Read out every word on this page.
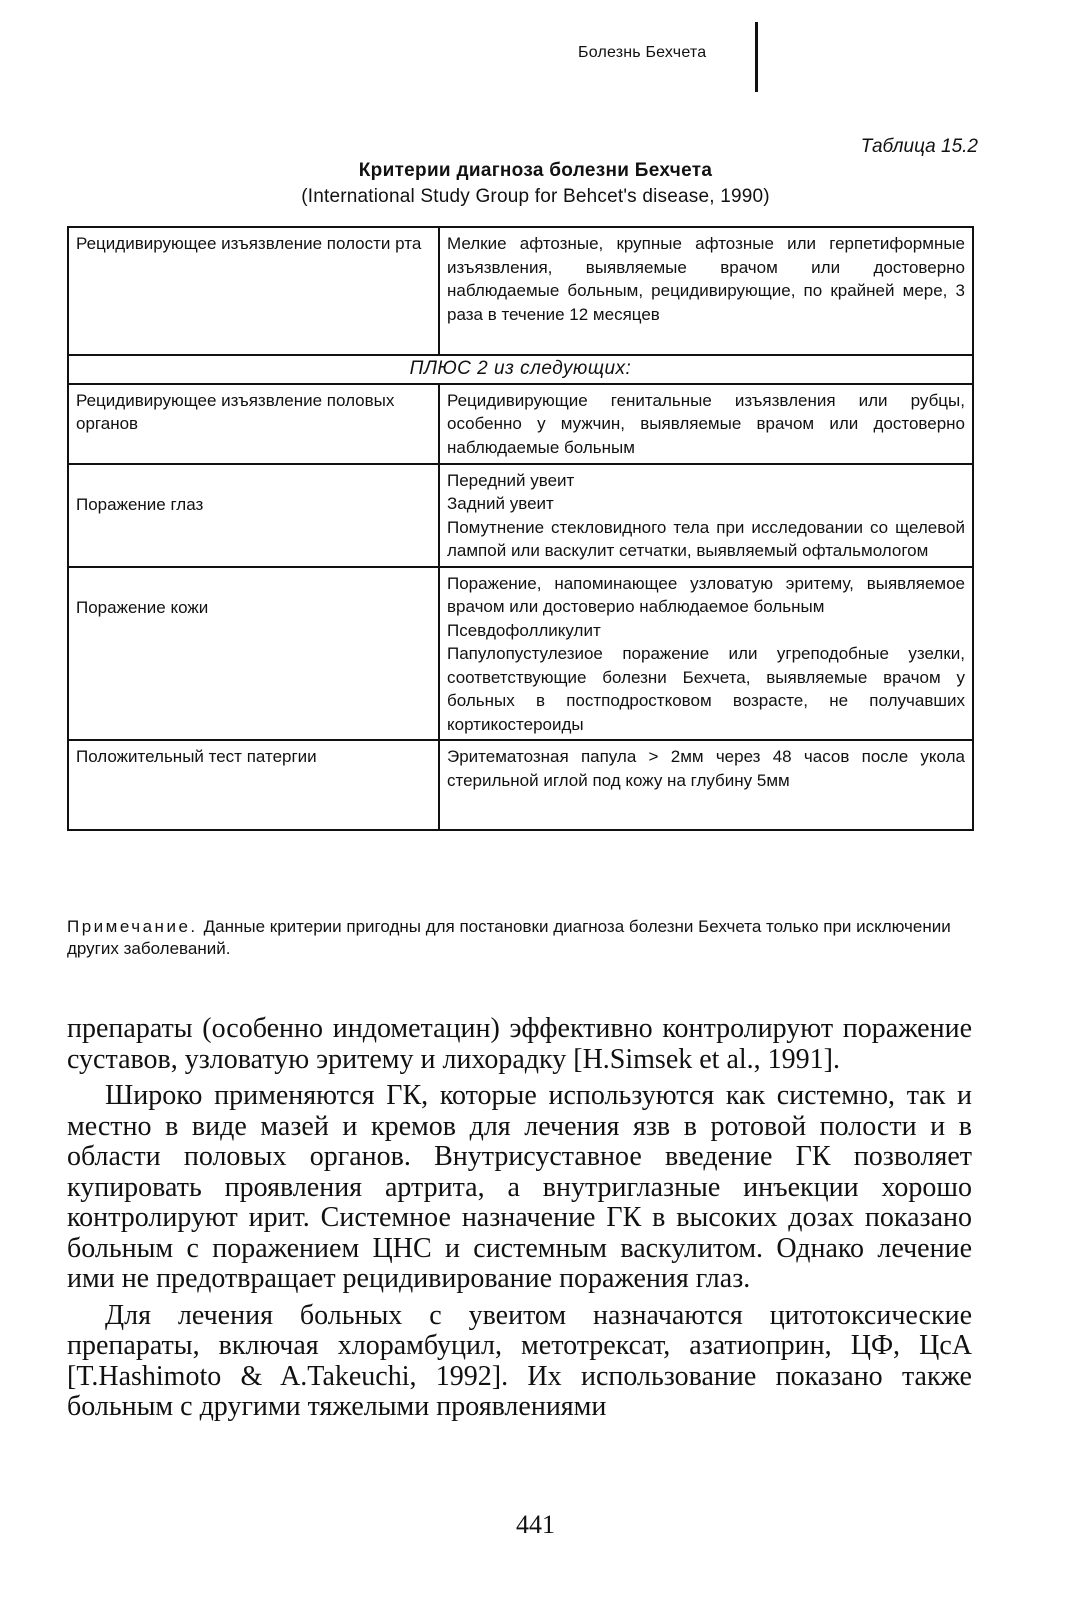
Болезнь Бехчета
Таблица 15.2
Критерии диагноза болезни Бехчета
(International Study Group for Behcet's disease, 1990)
Рецидивирующее изъязвление полости рта	Мелкие афтозные, крупные афтозные или герпетиформные изъязвления, выявляемые врачом или достоверно наблюдаемые больным, рецидивирующие, по крайней мере, 3 раза в течение 12 месяцев
ПЛЮС 2 из следующих:	
Рецидивирующее изъязвление половых органов	Рецидивирующие генитальные изъязвления или рубцы, особенно у мужчин, выявляемые врачом или достоверно наблюдаемые больным
Поражение глаз	Передний увеит
Задний увеит
Помутнение стекловидного тела при исследовании со щелевой лампой или васкулит сетчатки, выявляемый офтальмологом

Поражение кожи	Поражение, напоминающее узловатую эритему, выявляемое врачом или достоверио наблюдаемое больным
Псевдофолликулит
Папулопустулезиое поражение или угреподобные узелки, соответствующие болезни Бехчета, выявляемые врачом у больных в постподростковом возрасте, не получавших кортикостероиды

Положительный тест патергии	Эритематозная папула > 2мм через 48 часов после укола стерильной иглой под кожу на глубину 5мм
Примечание. Данные критерии пригодны для постановки диагноза болезни Бехчета только при исключении других заболеваний.

препараты (особенно индометацин) эффективно контролируют поражение суставов, узловатую эритему и лихорадку [H.Simsek et al., 1991].

Широко применяются ГК, которые используются как системно, так и местно в виде мазей и кремов для лечения язв в ротовой полости и в области половых органов. Внутрисуставное введение ГК позволяет купировать проявления артрита, а внутриглазные инъекции хорошо контролируют ирит. Системное назначение ГК в высоких дозах показано больным с поражением ЦНС и системным васкулитом. Однако лечение ими не предотвращает рецидивирование поражения глаз.

Для лечения больных с увеитом назначаются цитотоксические препараты, включая хлорамбуцил, метотрексат, азатиоприн, ЦФ, ЦсА [T.Hashimoto & A.Takeuchi, 1992]. Их использование показано также больным с другими тяжелыми проявлениями

441
